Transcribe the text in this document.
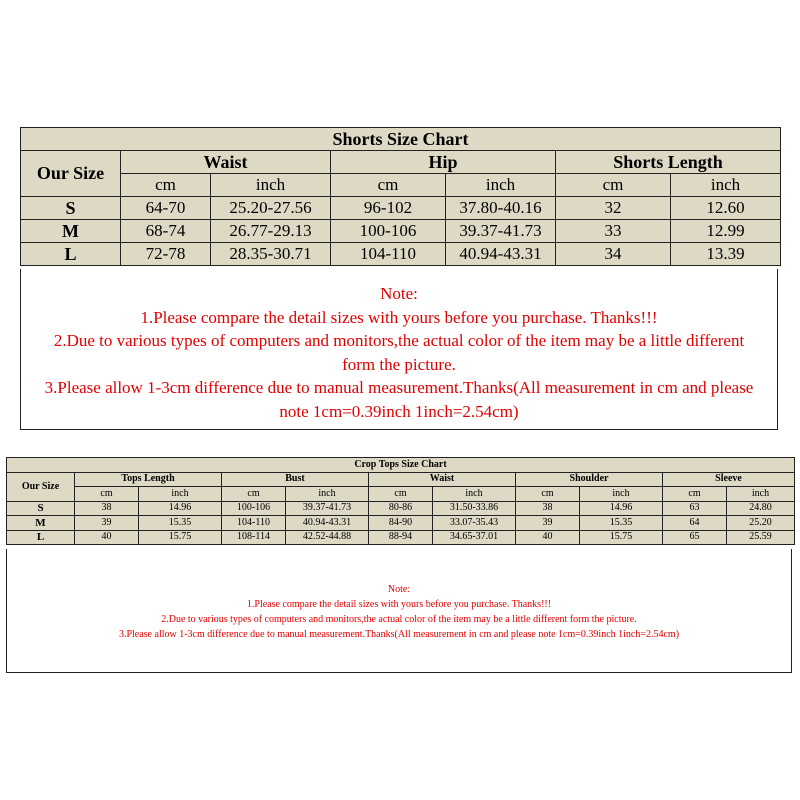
Shorts Size Chart						
Our Size	Waist		Hip		Shorts Length	
	cm	inch	cm	inch	cm	inch
S	64-70	25.20-27.56	96-102	37.80-40.16	32	12.60
M	68-74	26.77-29.13	100-106	39.37-41.73	33	12.99
L	72-78	28.35-30.71	104-110	40.94-43.31	34	13.39
Note:
1.Please compare the detail sizes with yours before you purchase. Thanks!!!
2.Due to various types of computers and monitors,the actual color of the item may be a little different form the picture.
3.Please allow 1-3cm difference due to manual measurement.Thanks(All measurement in cm and please note 1cm=0.39inch 1inch=2.54cm)
Crop Tops Size Chart										
Our Size	Tops Length		Bust		Waist		Shoulder		Sleeve	
	cm	inch	cm	inch	cm	inch	cm	inch	cm	inch
S	38	14.96	100-106	39.37-41.73	80-86	31.50-33.86	38	14.96	63	24.80
M	39	15.35	104-110	40.94-43.31	84-90	33.07-35.43	39	15.35	64	25.20
L	40	15.75	108-114	42.52-44.88	88-94	34.65-37.01	40	15.75	65	25.59
Note:
1.Please compare the detail sizes with yours before you purchase. Thanks!!!
2.Due to various types of computers and monitors,the actual color of the item may be a little different form the picture.
3.Please allow 1-3cm difference due to manual measurement.Thanks(All measurement in cm and please note 1cm=0.39inch 1inch=2.54cm)
